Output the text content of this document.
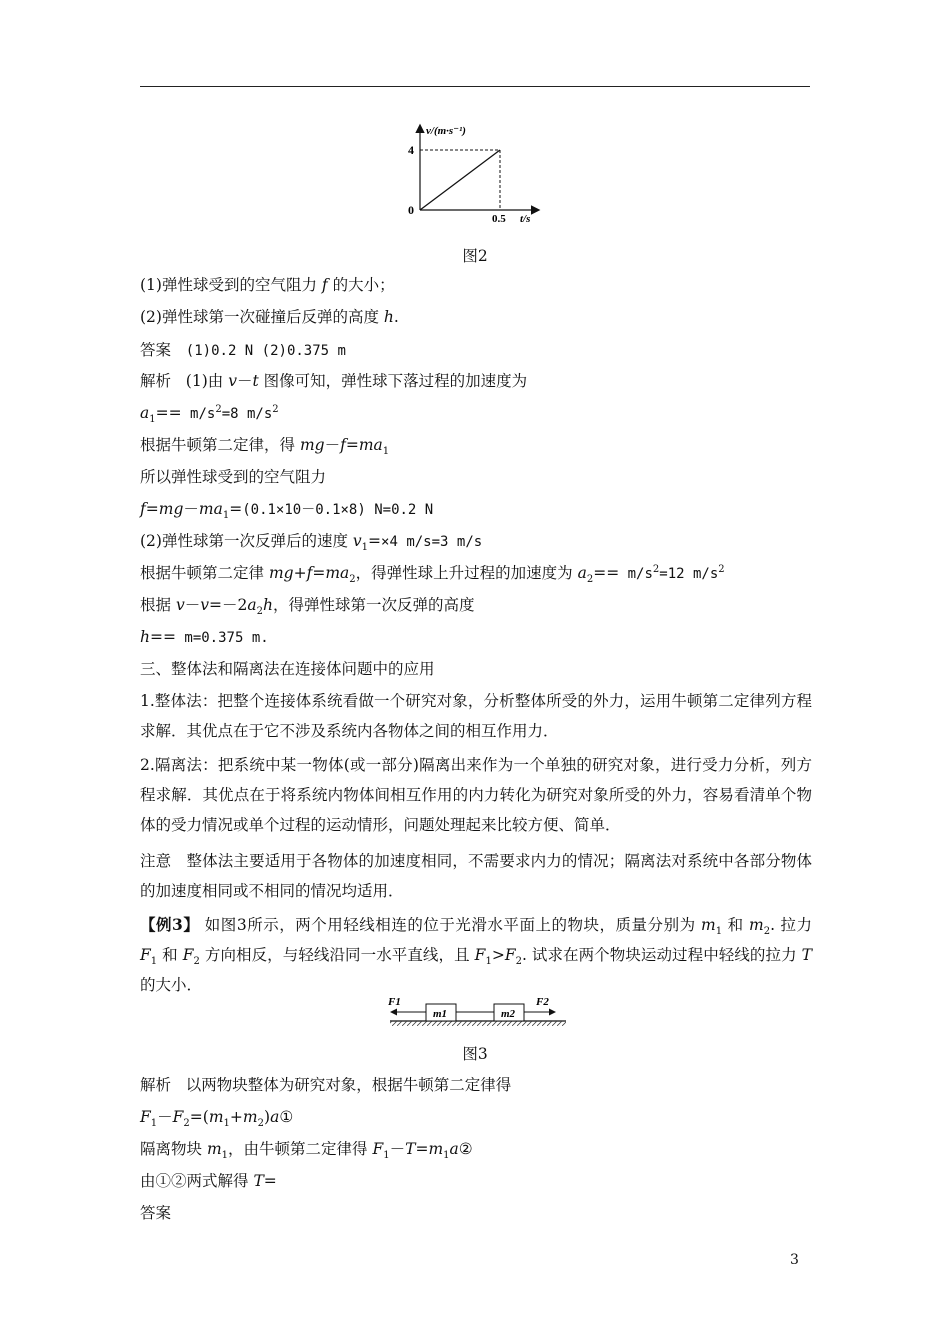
v/(m·s⁻¹)
t/s
4
0.5
0
图2
(1)弹性球受到的空气阻力 f 的大小；
(2)弹性球第一次碰撞后反弹的高度 h.
答案 (1)0.2 N (2)0.375 m
解析   (1)由 v－t 图像可知，弹性球下落过程的加速度为
$a_1== m/s^2=8$ $m/s^2$
根据牛顿第二定律，得 $mg-f=ma_1$
所以弹性球受到的空气阻力
$f=mg-ma_1=(0.1\times 10-0.1\times 8)$ N=0.2 N
(2)弹性球第一次反弹后的速度 $v_1=\times 4$ m/s=3 m/s
根据牛顿第二定律 $mg+f=ma_2$，得弹性球上升过程的加速度为 $a_2== m/s^2=12$ $m/s^2$
根据 $v-v=-2a_2h$，得弹性球第一次反弹的高度
h== m=0.375 m.
三、整体法和隔离法在连接体问题中的应用
1.整体法：把整个连接体系统看做一个研究对象，分析整体所受的外力，运用牛顿第二定律列方程求解．其优点在于它不涉及系统内各物体之间的相互作用力．
2.隔离法：把系统中某一物体(或一部分)隔离出来作为一个单独的研究对象，进行受力分析，列方程求解．其优点在于将系统内物体间相互作用的内力转化为研究对象所受的外力，容易看清单个物体的受力情况或单个过程的运动情形，问题处理起来比较方便、简单．
注意 整体法主要适用于各物体的加速度相同，不需要求内力的情况；隔离法对系统中各部分物体的加速度相同或不相同的情况均适用．
【例3】 如图3所示，两个用轻线相连的位于光滑水平面上的物块，质量分别为 $m_1$ 和 $m_2$. 拉力 $F_1$ 和 $F_2$ 方向相反，与轻线沿同一水平直线，且 $F_1>F_2$. 试求在两个物块运动过程中轻线的拉力 T 的大小．
F1	F2
m1	m2
图3
解析 以两物块整体为研究对象，根据牛顿第二定律得
$F_1-F_2=(m_1+m_2)a①$
隔离物块 $m_1$，由牛顿第二定律得 $F_1-T=m_1a②$
由①②两式解得 T=
答案
3
